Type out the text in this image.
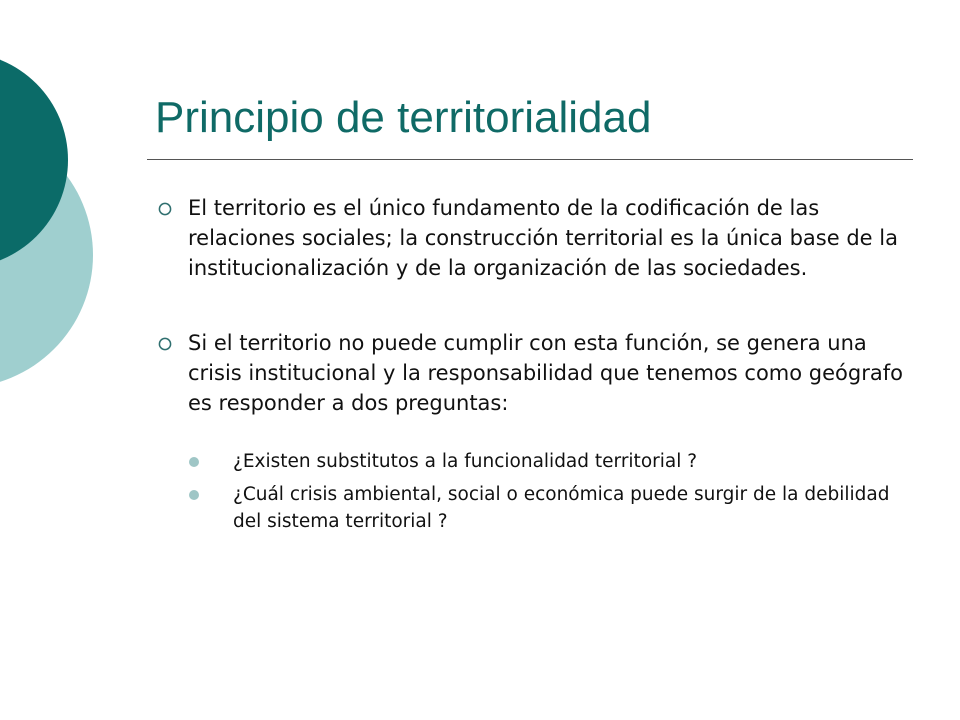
Principio de territorialidad
El territorio es el único fundamento de la codificación de las relaciones sociales; la construcción territorial es la única base de la institucionalización y de la organización de las sociedades.
Si el territorio no puede cumplir con esta función, se genera una crisis institucional y la responsabilidad que tenemos como geógrafo es responder a dos preguntas:
¿Existen substitutos a la funcionalidad territorial ?
¿Cuál crisis ambiental, social o económica puede surgir de la debilidad del sistema territorial ?
